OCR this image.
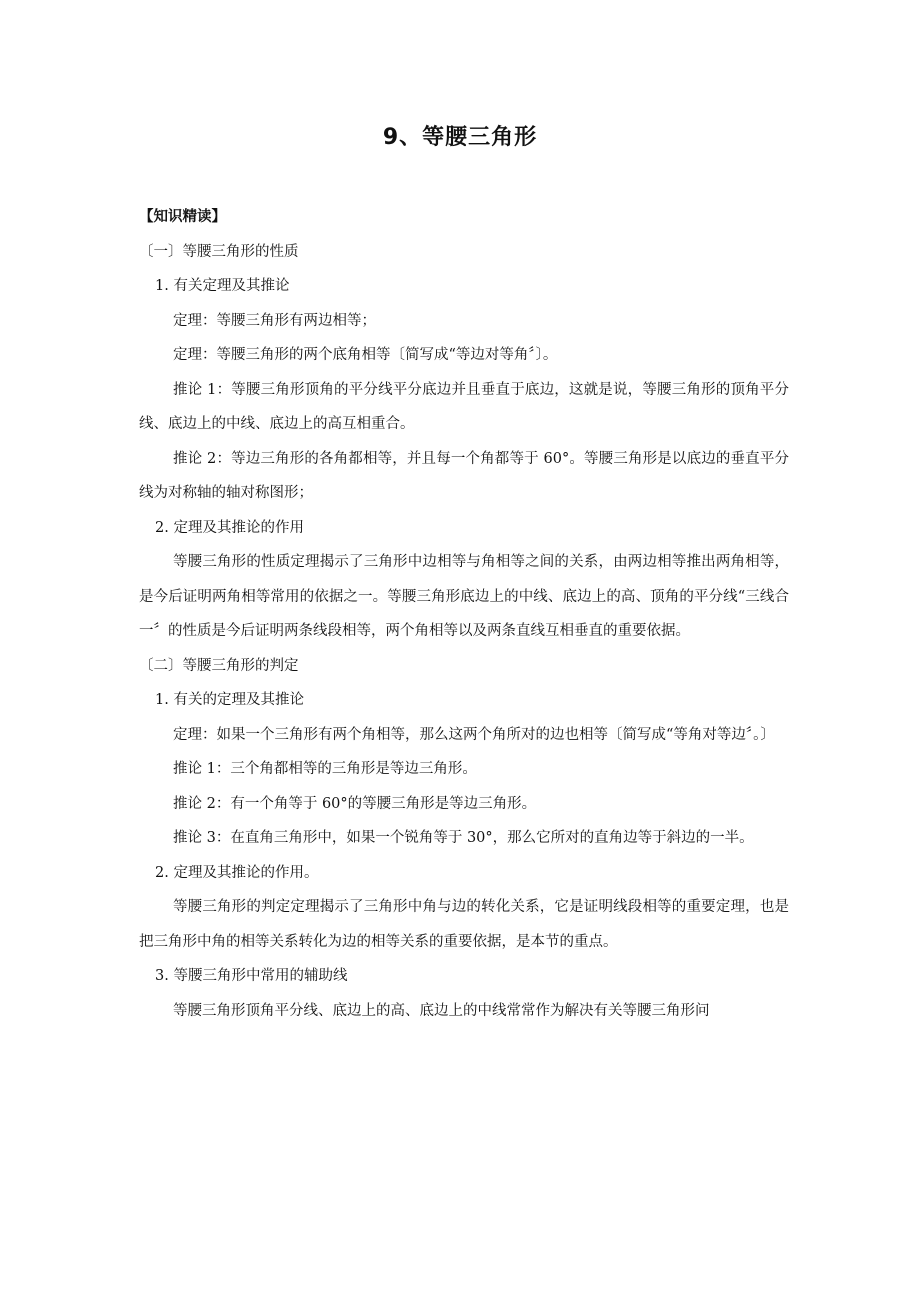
9、等腰三角形

【知识精读】

〔一〕等腰三角形的性质

1. 有关定理及其推论

定理：等腰三角形有两边相等；

定理：等腰三角形的两个底角相等〔简写成“等边对等角〞〕。

推论 1：等腰三角形顶角的平分线平分底边并且垂直于底边，这就是说，等腰三角形的顶角平分线、底边上的中线、底边上的高互相重合。

推论 2：等边三角形的各角都相等，并且每一个角都等于 60°。等腰三角形是以底边的垂直平分线为对称轴的轴对称图形；

2. 定理及其推论的作用

等腰三角形的性质定理揭示了三角形中边相等与角相等之间的关系，由两边相等推出两角相等，是今后证明两角相等常用的依据之一。等腰三角形底边上的中线、底边上的高、顶角的平分线“三线合一〞的性质是今后证明两条线段相等，两个角相等以及两条直线互相垂直的重要依据。

〔二〕等腰三角形的判定

1. 有关的定理及其推论

定理：如果一个三角形有两个角相等，那么这两个角所对的边也相等〔简写成“等角对等边〞。〕

推论 1：三个角都相等的三角形是等边三角形。

推论 2：有一个角等于 60°的等腰三角形是等边三角形。

推论 3：在直角三角形中，如果一个锐角等于 30°，那么它所对的直角边等于斜边的一半。

2. 定理及其推论的作用。

等腰三角形的判定定理揭示了三角形中角与边的转化关系，它是证明线段相等的重要定理，也是把三角形中角的相等关系转化为边的相等关系的重要依据，是本节的重点。

3. 等腰三角形中常用的辅助线

等腰三角形顶角平分线、底边上的高、底边上的中线常常作为解决有关等腰三角形问
